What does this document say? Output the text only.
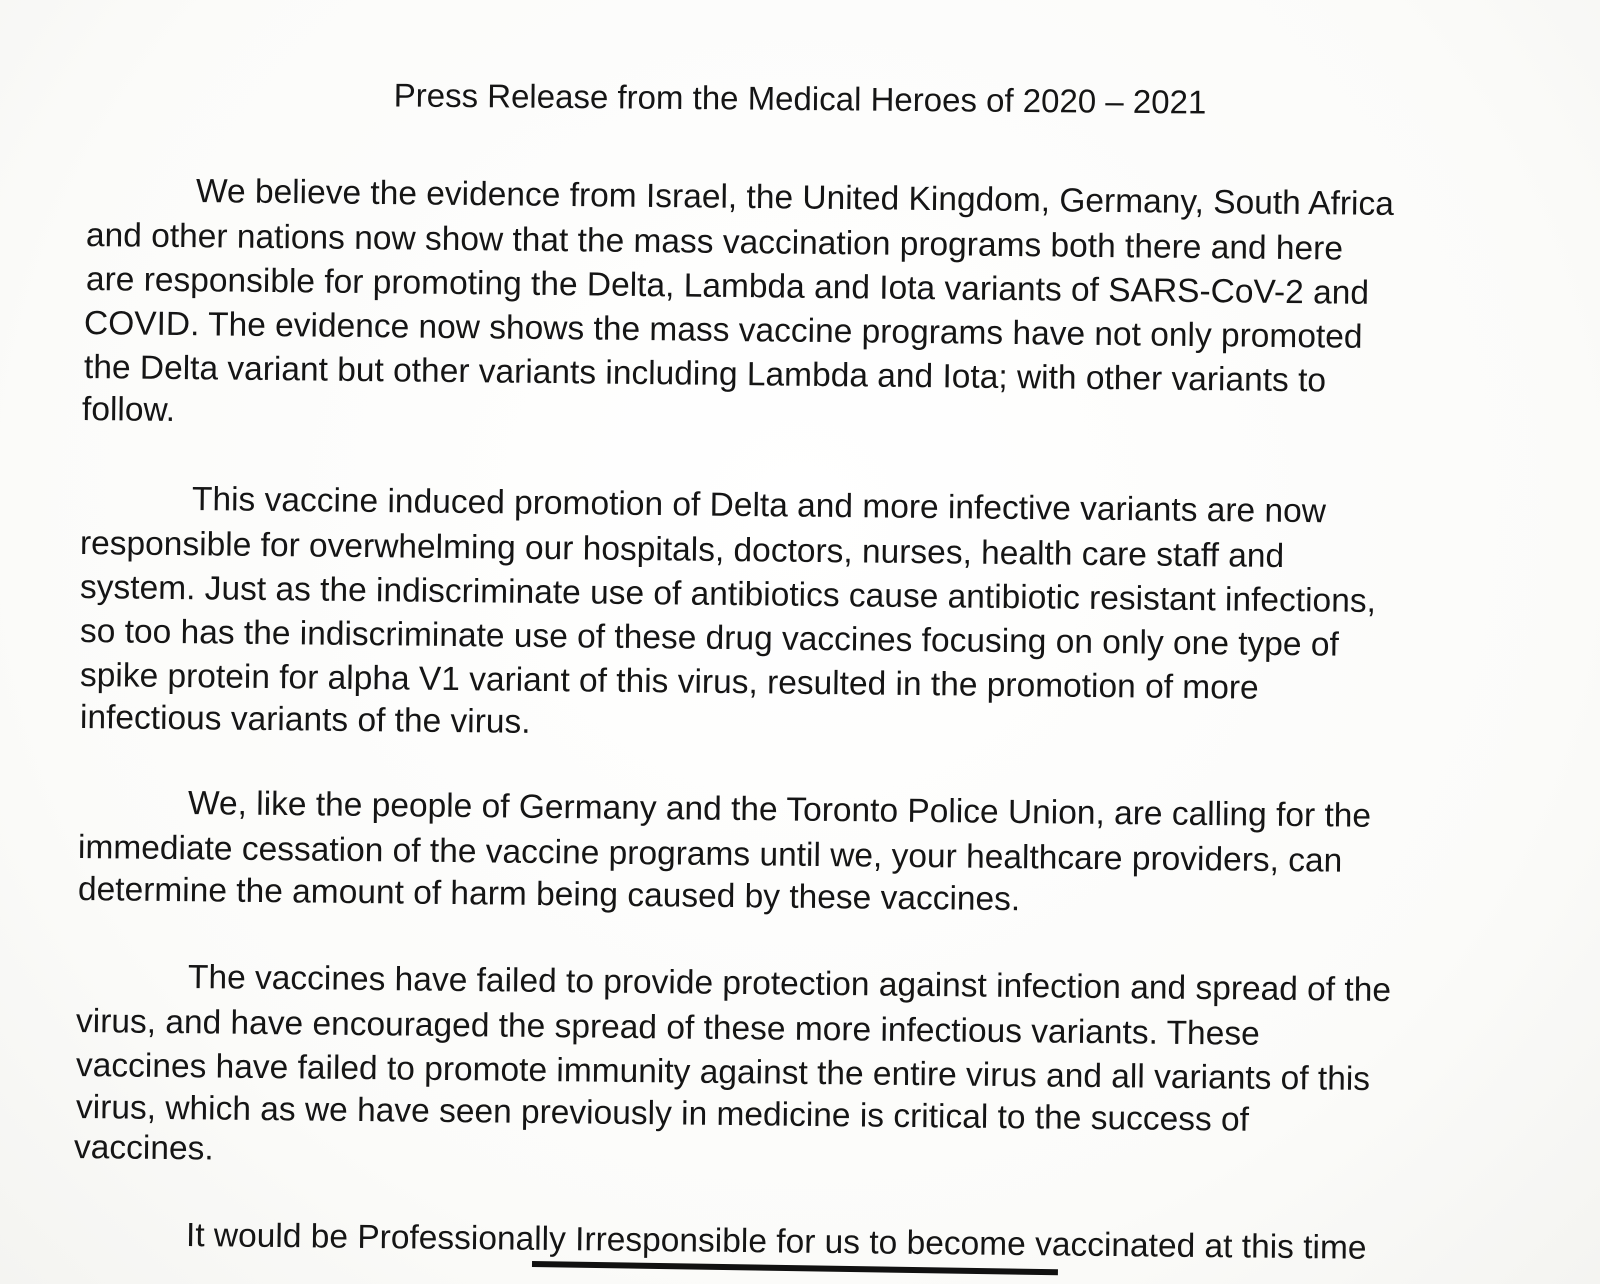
Press Release from the Medical Heroes of 2020 – 2021
We believe the evidence from Israel, the United Kingdom, Germany, South Africa
and other nations now show that the mass vaccination programs both there and here
are responsible for promoting the Delta, Lambda and Iota variants of SARS-CoV-2 and
COVID. The evidence now shows the mass vaccine programs have not only promoted
the Delta variant but other variants including Lambda and Iota; with other variants to
follow.
This vaccine induced promotion of Delta and more infective variants are now
responsible for overwhelming our hospitals, doctors, nurses, health care staff and
system. Just as the indiscriminate use of antibiotics cause antibiotic resistant infections,
so too has the indiscriminate use of these drug vaccines focusing on only one type of
spike protein for alpha V1 variant of this virus, resulted in the promotion of more
infectious variants of the virus.
We, like the people of Germany and the Toronto Police Union, are calling for the
immediate cessation of the vaccine programs until we, your healthcare providers, can
determine the amount of harm being caused by these vaccines.
The vaccines have failed to provide protection against infection and spread of the
virus, and have encouraged the spread of these more infectious variants. These
vaccines have failed to promote immunity against the entire virus and all variants of this
virus, which as we have seen previously in medicine is critical to the success of
vaccines.
It would be Professionally Irresponsible for us to become vaccinated at this time
